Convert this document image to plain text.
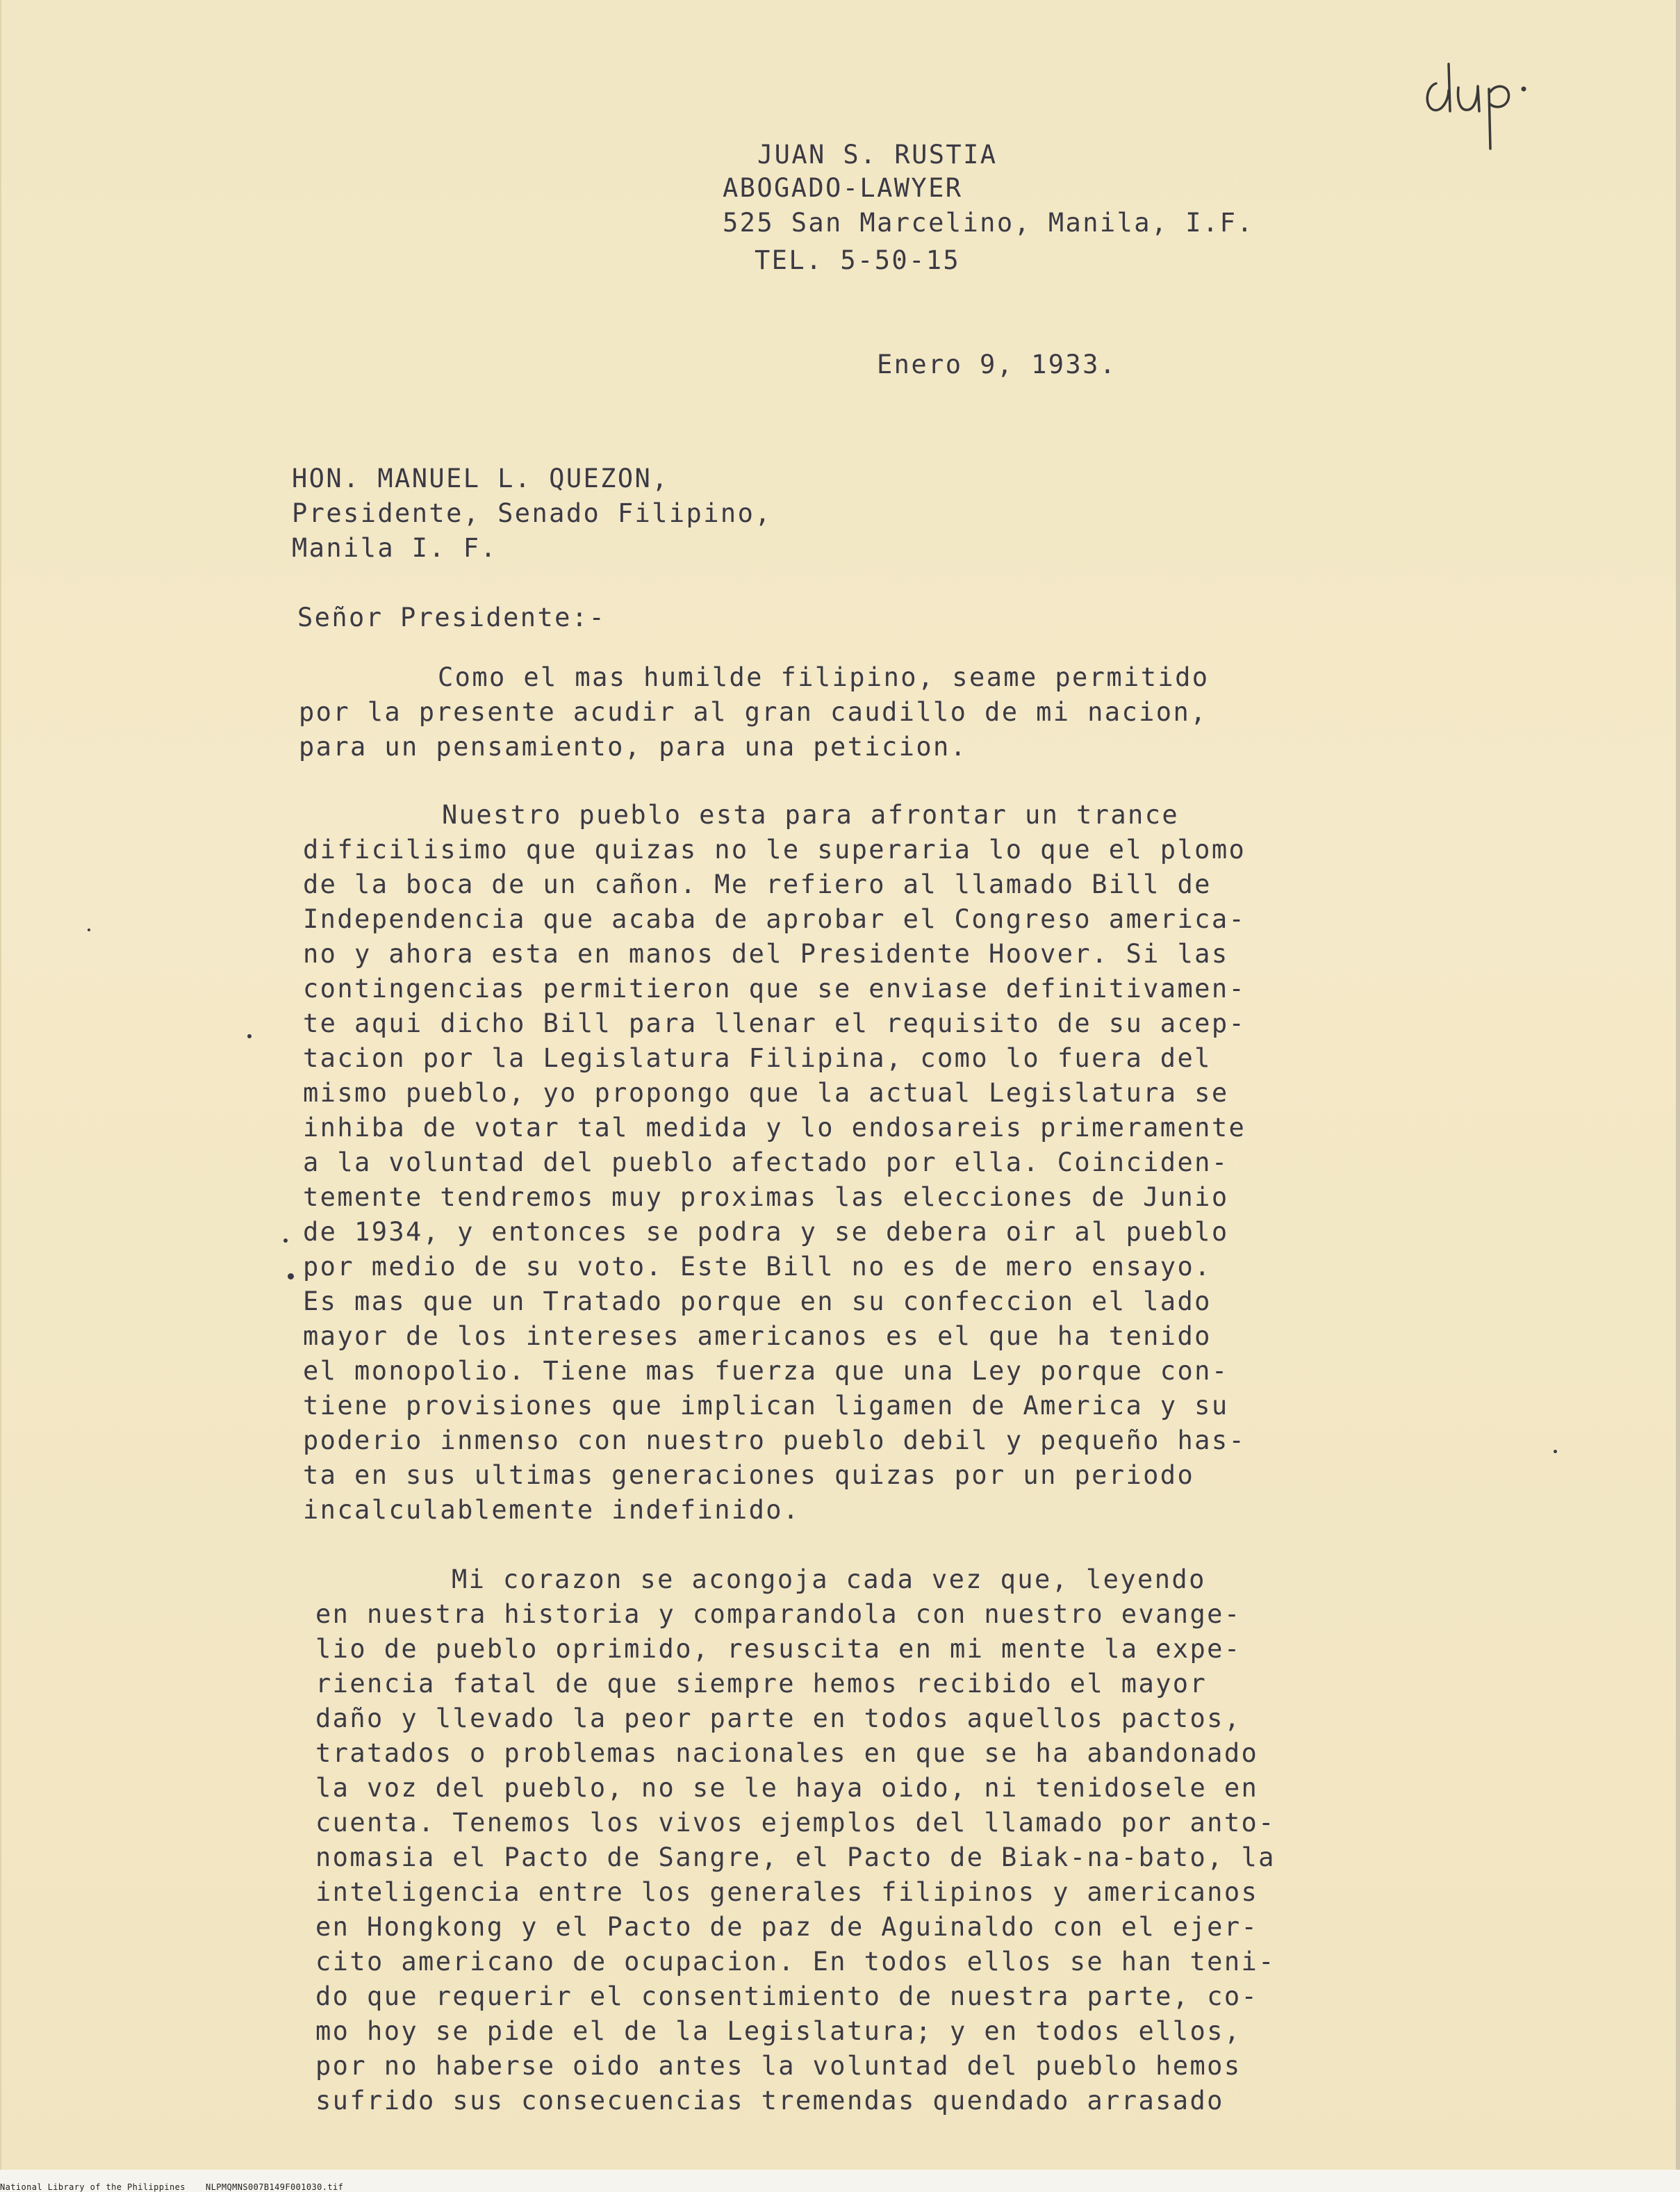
JUAN S. RUSTIA
ABOGADO-LAWYER
525 San Marcelino, Manila, I.F.
TEL. 5-50-15
Enero 9, 1933.
HON. MANUEL L. QUEZON,
Presidente, Senado Filipino,
Manila I. F.
Señor Presidente:-
Como el mas humilde filipino, seame permitido
por la presente acudir al gran caudillo de mi nacion,
para un pensamiento, para una peticion.
Nuestro pueblo esta para afrontar un trance
dificilisimo que quizas no le superaria lo que el plomo
de la boca de un cañon. Me refiero al llamado Bill de
Independencia que acaba de aprobar el Congreso america-
no y ahora esta en manos del Presidente Hoover. Si las
contingencias permitieron que se enviase definitivamen-
te aqui dicho Bill para llenar el requisito de su acep-
tacion por la Legislatura Filipina, como lo fuera del
mismo pueblo, yo propongo que la actual Legislatura se
inhiba de votar tal medida y lo endosareis primeramente
a la voluntad del pueblo afectado por ella. Coinciden-
temente tendremos muy proximas las elecciones de Junio
de 1934, y entonces se podra y se debera oir al pueblo
por medio de su voto. Este Bill no es de mero ensayo.
Es mas que un Tratado porque en su confeccion el lado
mayor de los intereses americanos es el que ha tenido
el monopolio. Tiene mas fuerza que una Ley porque con-
tiene provisiones que implican ligamen de America y su
poderio inmenso con nuestro pueblo debil y pequeño has-
ta en sus ultimas generaciones quizas por un periodo
incalculablemente indefinido.
Mi corazon se acongoja cada vez que, leyendo
en nuestra historia y comparandola con nuestro evange-
lio de pueblo oprimido, resuscita en mi mente la expe-
riencia fatal de que siempre hemos recibido el mayor
daño y llevado la peor parte en todos aquellos pactos,
tratados o problemas nacionales en que se ha abandonado
la voz del pueblo, no se le haya oido, ni tenidosele en
cuenta. Tenemos los vivos ejemplos del llamado por anto-
nomasia el Pacto de Sangre, el Pacto de Biak-na-bato, la
inteligencia entre los generales filipinos y americanos
en Hongkong y el Pacto de paz de Aguinaldo con el ejer-
cito americano de ocupacion. En todos ellos se han teni-
do que requerir el consentimiento de nuestra parte, co-
mo hoy se pide el de la Legislatura; y en todos ellos,
por no haberse oido antes la voluntad del pueblo hemos
sufrido sus consecuencias tremendas quendado arrasado
National Library of the Philippines NLPMQMNS007B149F001030.tif
